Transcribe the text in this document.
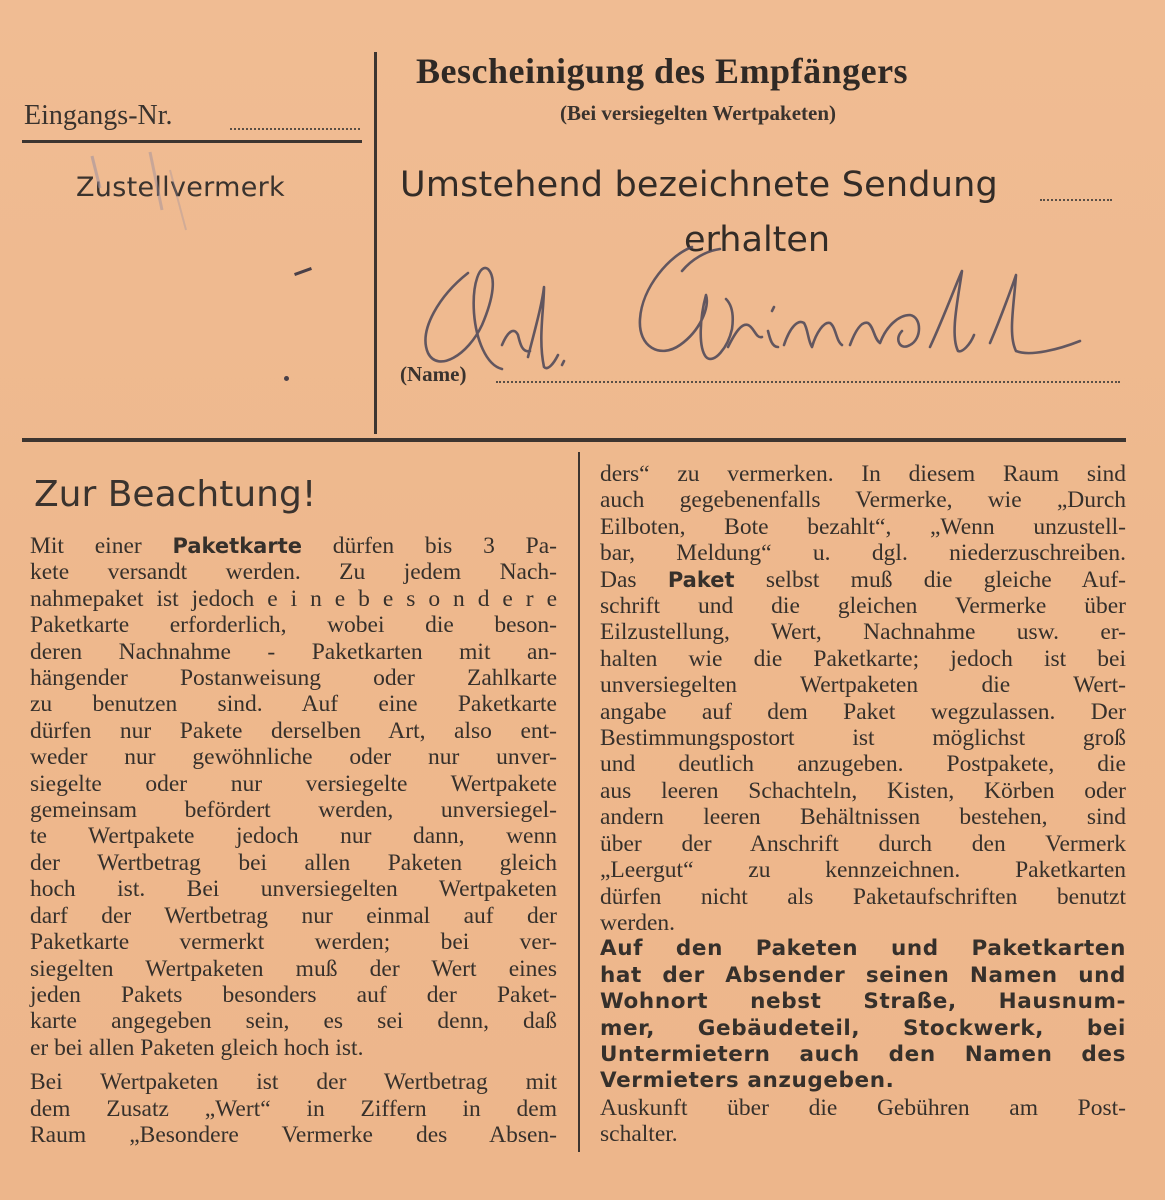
Eingangs-Nr.
Zustellvermerk
Bescheinigung des Empfängers
(Bei versiegelten Wertpaketen)
Umstehend bezeichnete Sendung
erhalten
(Name)
Zur Beachtung!
Mit einer Paketkarte dürfen bis 3 Pa-
kete versandt werden. Zu jedem Nach-
nahmepaket ist jedoch e i n e b e s o n d e r e
Paketkarte erforderlich, wobei die beson-
deren Nachnahme - Paketkarten mit an-
hängender Postanweisung oder Zahlkarte
zu benutzen sind. Auf eine Paketkarte
dürfen nur Pakete derselben Art, also ent-
weder nur gewöhnliche oder nur unver-
siegelte oder nur versiegelte Wertpakete
gemeinsam befördert werden, unversiegel-
te Wertpakete jedoch nur dann, wenn
der Wertbetrag bei allen Paketen gleich
hoch ist. Bei unversiegelten Wertpaketen
darf der Wertbetrag nur einmal auf der
Paketkarte vermerkt werden; bei ver-
siegelten Wertpaketen muß der Wert eines
jeden Pakets besonders auf der Paket-
karte angegeben sein, es sei denn, daß
er bei allen Paketen gleich hoch ist.
Bei Wertpaketen ist der Wertbetrag mit
dem Zusatz „Wert“ in Ziffern in dem
Raum „Besondere Vermerke des Absen-
ders“ zu vermerken. In diesem Raum sind
auch gegebenenfalls Vermerke, wie „Durch
Eilboten, Bote bezahlt“, „Wenn unzustell-
bar, Meldung“ u. dgl. niederzuschreiben.
Das Paket selbst muß die gleiche Auf-
schrift und die gleichen Vermerke über
Eilzustellung, Wert, Nachnahme usw. er-
halten wie die Paketkarte; jedoch ist bei
unversiegelten Wertpaketen die Wert-
angabe auf dem Paket wegzulassen. Der
Bestimmungspostort ist möglichst groß
und deutlich anzugeben. Postpakete, die
aus leeren Schachteln, Kisten, Körben oder
andern leeren Behältnissen bestehen, sind
über der Anschrift durch den Vermerk
„Leergut“ zu kennzeichnen. Paketkarten
dürfen nicht als Paketaufschriften benutzt
werden.
Auf den Paketen und Paketkarten
hat der Absender seinen Namen und
Wohnort nebst Straße, Hausnum-
mer, Gebäudeteil, Stockwerk, bei
Untermietern auch den Namen des
Vermieters anzugeben.
Auskunft über die Gebühren am Post-
schalter.
